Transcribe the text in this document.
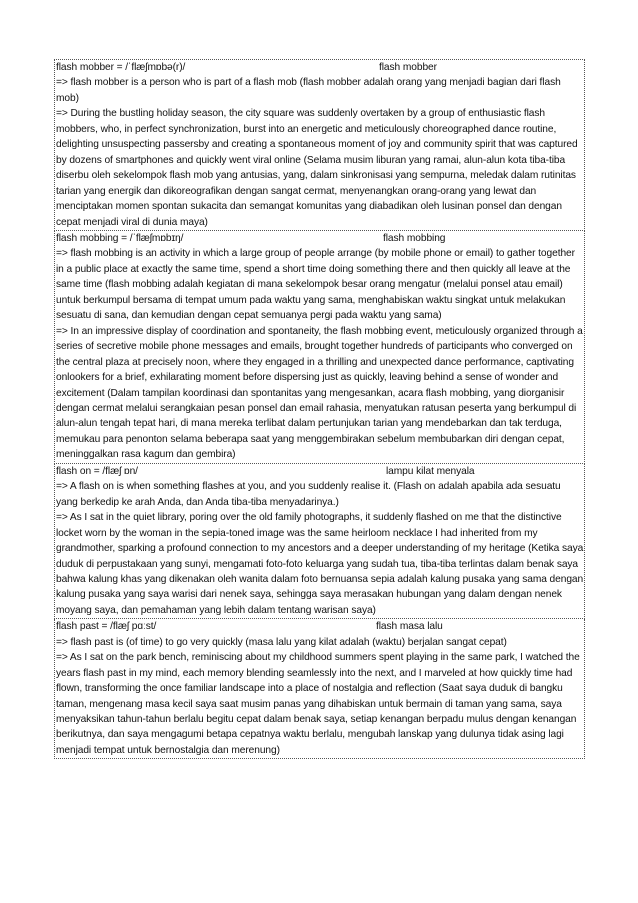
flash mobber = /ˈflæʃmɒbə(r)/	flash mobber
=> flash mobber is a person who is part of a flash mob (flash mobber adalah orang yang menjadi bagian dari flash mob)
=> During the bustling holiday season, the city square was suddenly overtaken by a group of enthusiastic flash mobbers, who, in perfect synchronization, burst into an energetic and meticulously choreographed dance routine, delighting unsuspecting passersby and creating a spontaneous moment of joy and community spirit that was captured by dozens of smartphones and quickly went viral online (Selama musim liburan yang ramai, alun-alun kota tiba-tiba diserbu oleh sekelompok flash mob yang antusias, yang, dalam sinkronisasi yang sempurna, meledak dalam rutinitas tarian yang energik dan dikoreografikan dengan sangat cermat, menyenangkan orang-orang yang lewat dan menciptakan momen spontan sukacita dan semangat komunitas yang diabadikan oleh lusinan ponsel dan dengan cepat menjadi viral di dunia maya)
flash mobbing = /ˈflæʃmɒbɪŋ/	flash mobbing
=> flash mobbing is an activity in which a large group of people arrange (by mobile phone or email) to gather together in a public place at exactly the same time, spend a short time doing something there and then quickly all leave at the same time (flash mobbing adalah kegiatan di mana sekelompok besar orang mengatur (melalui ponsel atau email) untuk berkumpul bersama di tempat umum pada waktu yang sama, menghabiskan waktu singkat untuk melakukan sesuatu di sana, dan kemudian dengan cepat semuanya pergi pada waktu yang sama)
=> In an impressive display of coordination and spontaneity, the flash mobbing event, meticulously organized through a series of secretive mobile phone messages and emails, brought together hundreds of participants who converged on the central plaza at precisely noon, where they engaged in a thrilling and unexpected dance performance, captivating onlookers for a brief, exhilarating moment before dispersing just as quickly, leaving behind a sense of wonder and excitement (Dalam tampilan koordinasi dan spontanitas yang mengesankan, acara flash mobbing, yang diorganisir dengan cermat melalui serangkaian pesan ponsel dan email rahasia, menyatukan ratusan peserta yang berkumpul di alun-alun tengah tepat hari, di mana mereka terlibat dalam pertunjukan tarian yang mendebarkan dan tak terduga, memukau para penonton selama beberapa saat yang menggembirakan sebelum membubarkan diri dengan cepat, meninggalkan rasa kagum dan gembira)
flash on = /flæʃ ɒn/	lampu kilat menyala
=> A flash on is when something flashes at you, and you suddenly realise it. (Flash on adalah apabila ada sesuatu yang berkedip ke arah Anda, dan Anda tiba-tiba menyadarinya.)
=> As I sat in the quiet library, poring over the old family photographs, it suddenly flashed on me that the distinctive locket worn by the woman in the sepia-toned image was the same heirloom necklace I had inherited from my grandmother, sparking a profound connection to my ancestors and a deeper understanding of my heritage (Ketika saya duduk di perpustakaan yang sunyi, mengamati foto-foto keluarga yang sudah tua, tiba-tiba terlintas dalam benak saya bahwa kalung khas yang dikenakan oleh wanita dalam foto bernuansa sepia adalah kalung pusaka yang sama dengan kalung pusaka yang saya warisi dari nenek saya, sehingga saya merasakan hubungan yang dalam dengan nenek moyang saya, dan pemahaman yang lebih dalam tentang warisan saya)
flash past = /flæʃ pɑːst/	flash masa lalu
=> flash past is (of time) to go very quickly (masa lalu yang kilat adalah (waktu) berjalan sangat cepat)
=> As I sat on the park bench, reminiscing about my childhood summers spent playing in the same park, I watched the years flash past in my mind, each memory blending seamlessly into the next, and I marveled at how quickly time had flown, transforming the once familiar landscape into a place of nostalgia and reflection (Saat saya duduk di bangku taman, mengenang masa kecil saya saat musim panas yang dihabiskan untuk bermain di taman yang sama, saya menyaksikan tahun-tahun berlalu begitu cepat dalam benak saya, setiap kenangan berpadu mulus dengan kenangan berikutnya, dan saya mengagumi betapa cepatnya waktu berlalu, mengubah lanskap yang dulunya tidak asing lagi menjadi tempat untuk bernostalgia dan merenung)
